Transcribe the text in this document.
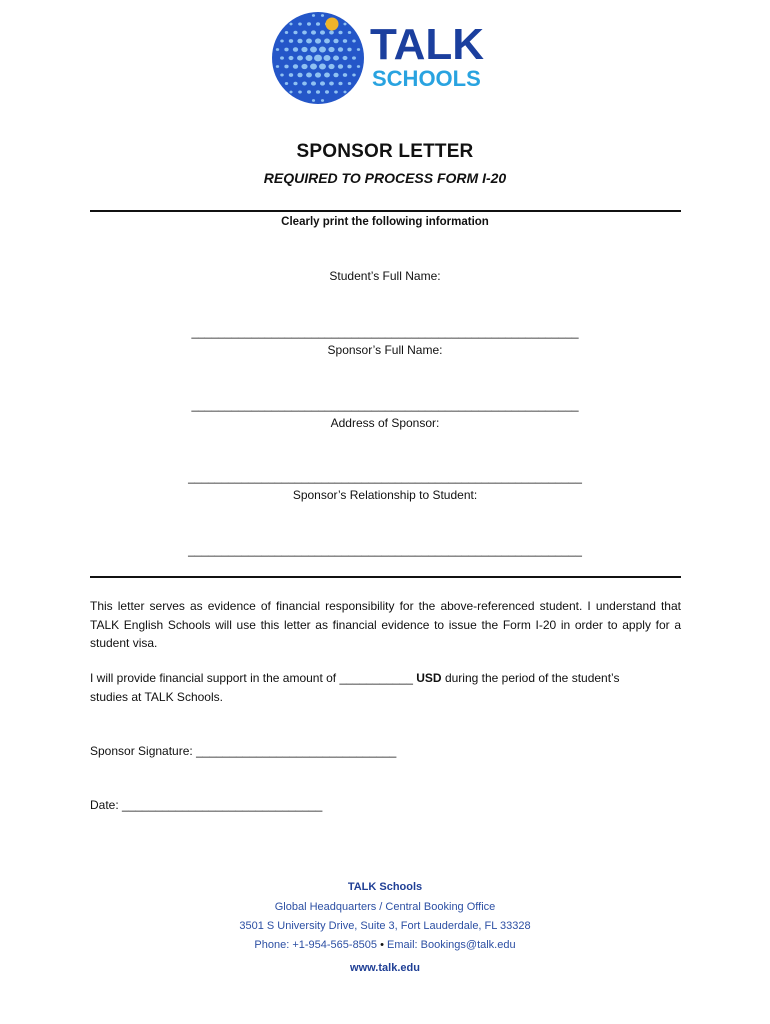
TALK
SCHOOLS
SPONSOR LETTER
REQUIRED TO PROCESS FORM I-20
Clearly print the following information
Student’s Full Name:
__________________________________________________________
Sponsor’s Full Name:
__________________________________________________________
Address of Sponsor:
___________________________________________________________
Sponsor’s Relationship to Student:
___________________________________________________________
This letter serves as evidence of financial responsibility for the above-referenced student. I understand that TALK English Schools will use this letter as financial evidence to issue the Form I-20 in order to apply for a student visa.
I will provide financial support in the amount of ___________ USD during the period of the student’s
studies at TALK Schools.
Sponsor Signature: ______________________________
Date: ______________________________
TALK Schools
Global Headquarters / Central Booking Office
3501 S University Drive, Suite 3, Fort Lauderdale, FL 33328
Phone: +1-954-565-8505 • Email: Bookings@talk.edu
www.talk.edu
